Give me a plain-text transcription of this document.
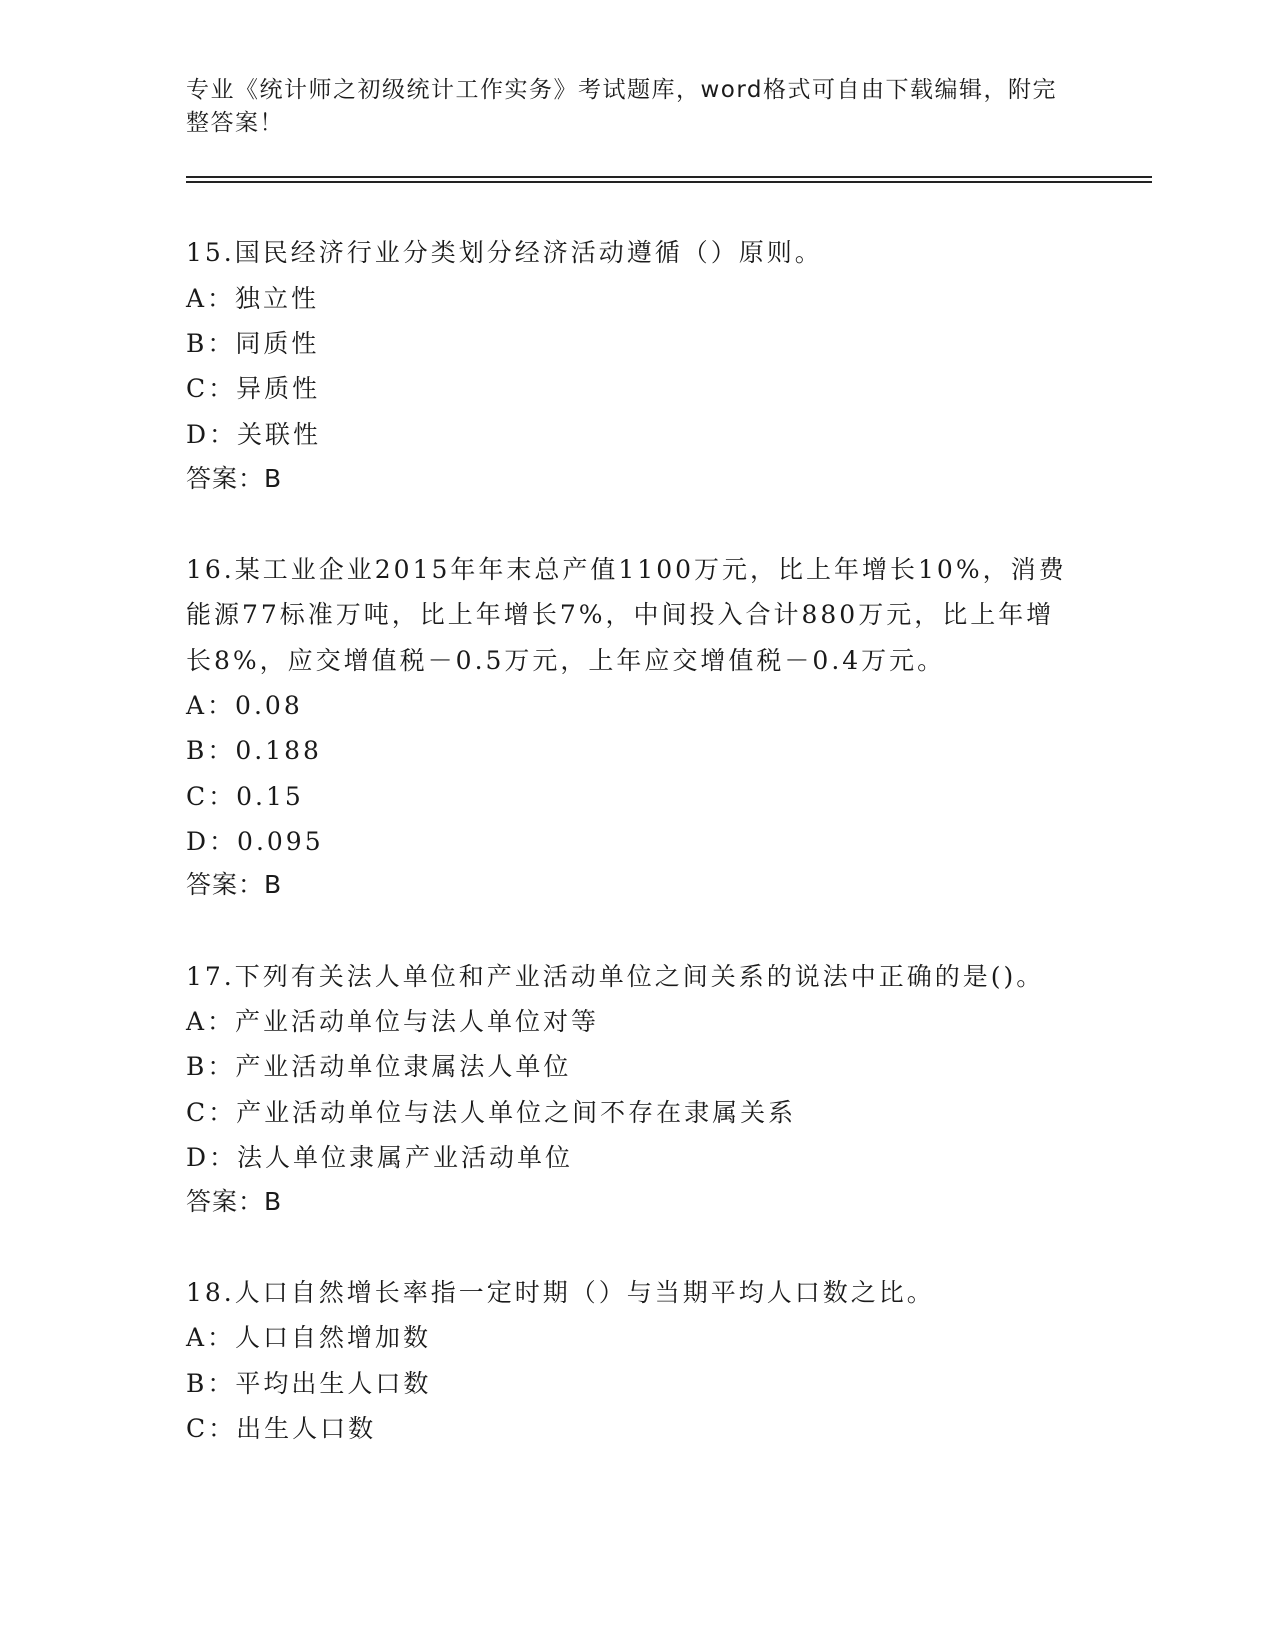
专业《统计师之初级统计工作实务》考试题库，word格式可自由下载编辑，附完
整答案！
15.国民经济行业分类划分经济活动遵循（）原则。
A：独立性
B：同质性
C：异质性
D：关联性
答案：B
16.某工业企业2015年年末总产值1100万元，比上年增长10%，消费
能源77标准万吨，比上年增长7%，中间投入合计880万元，比上年增
长8%，应交增值税－0.5万元，上年应交增值税－0.4万元。
A：0.08
B：0.188
C：0.15
D：0.095
答案：B
17.下列有关法人单位和产业活动单位之间关系的说法中正确的是()。
A：产业活动单位与法人单位对等
B：产业活动单位隶属法人单位
C：产业活动单位与法人单位之间不存在隶属关系
D：法人单位隶属产业活动单位
答案：B
18.人口自然增长率指一定时期（）与当期平均人口数之比。
A：人口自然增加数
B：平均出生人口数
C：出生人口数
